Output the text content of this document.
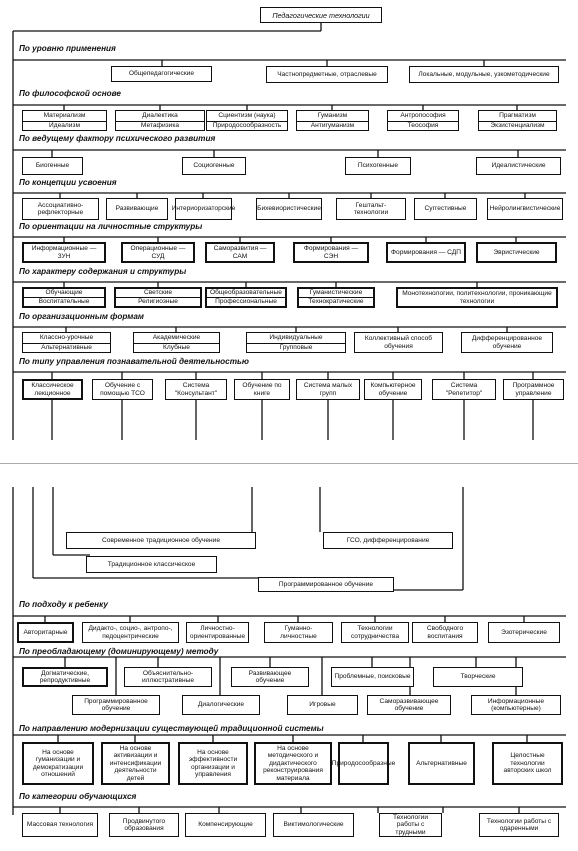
Педагогические технологии
По уровню применения
Общепедагогические	Частнопредметные, отраслевые	Локальные, модульные, узкометодические
По философской основе
Материализм
Идеализм
Диалектика
Метафизика
Сциентизм (наука)
Природосообразность
Гуманизм
Антигуманизм
Антропософия
Теософия
Прагматизм
Экзистенциализм
По ведущему фактору психического развития
Биогенные	Социогенные	Психогенные	Идеалистические
По концепции усвоения
Ассоциативно-рефлекторные
Развивающие	Интериоризаторские	Бихевиористические
Гештальт-технологии
Суггестивные	Нейролингвистические
По ориентации на личностные структуры
Информационные — ЗУН
Операционные — СУД
Саморазвития — САМ
Формирования — СЭН
Формирования — СДП	Эвристические
По характеру содержания и структуры
Обучающие
Воспитательные
Светские
Религиозные
Общеобразовательные
Профессиональные
Гуманистические
Технократические
Монотехнологии, политехнологии, проникающие технологии
По организационным формам
Классно-урочные
Альтернативные
Академические
Клубные
Индивидуальные
Групповые
Коллективный способ обучения
Дифференцированное обучение
По типу управления познавательной деятельностью
Классическое лекционное
Обучение с помощью ТСО
Система "Консультант"
Обучение по книге
Система малых групп
Компьютерное обучение
Система "Репетитор"
Программное управление
Современное традиционное обучение	ГСО, дифференцирование
Традиционное классическое
Программированное обучение
По подходу к ребенку
Авторитарные
Дидакто-, социо-, антропо-, педоцентрические
Личностно-ориентированные
Гуманно-личностные
Технологии сотрудничества
Свободного воспитания
Эзотерические
По преобладающему (доминирующему) методу
Догматические, репродуктивные
Объяснительно-иллюстративные
Развивающее обучение
Проблемные, поисковые	Творческие
Программированное обучение
Диалогические	Игровые
Саморазвивающее обучение
Информационные (компьютерные)
По направлению модернизации существующей традиционной системы
На основе гуманизации и демократизации отношений
На основе активизации и интенсификации деятельности детей
На основе эффективности организации и управления
На основе методического и дидактического реконструирования материала
Природосообразные	Альтернативные
Целостные технологии авторских школ
По категории обучающихся
Массовая технология
Продвинутого образования
Компенсирующие	Виктимологические
Технологии работы с трудными
Технологии работы с одаренными
